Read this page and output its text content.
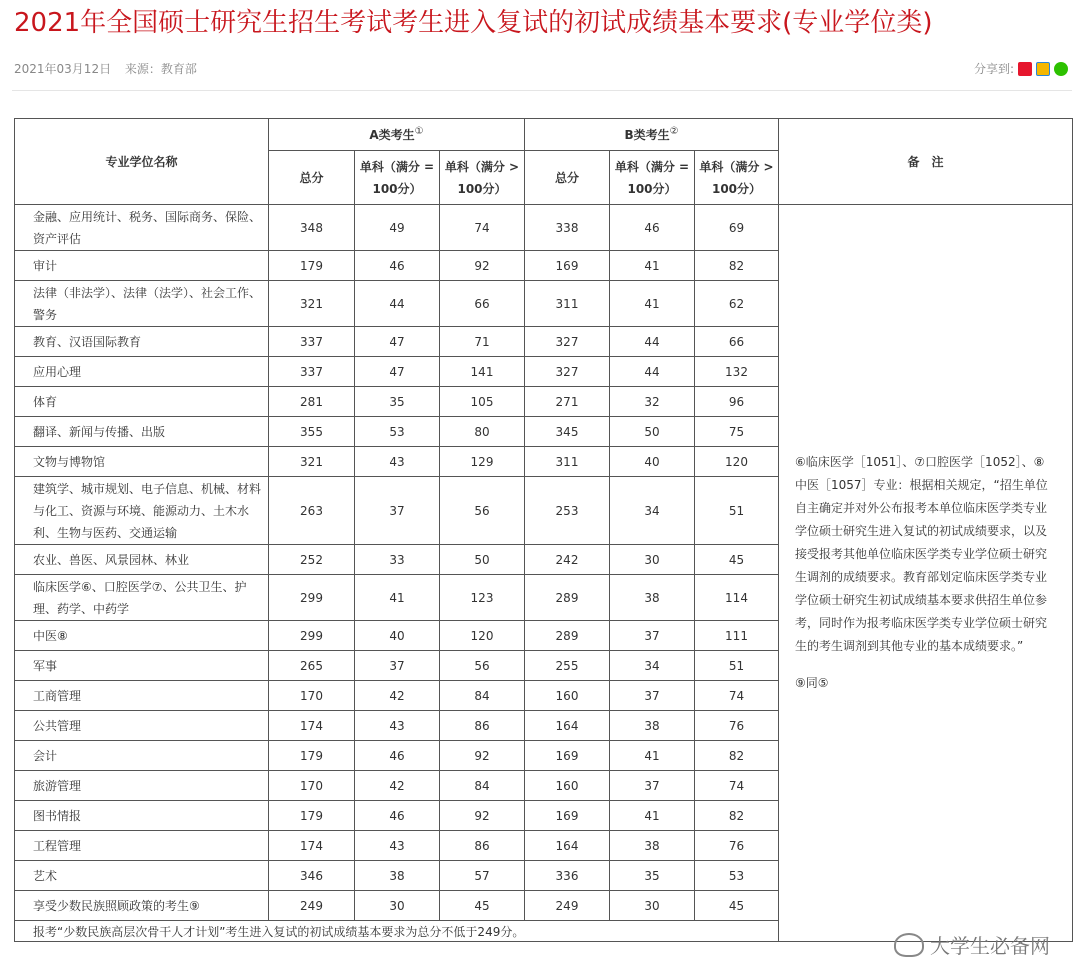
2021年全国硕士研究生招生考试考生进入复试的初试成绩基本要求(专业学位类)
2021年03月12日 来源：教育部	分享到:
专业学位名称	A类考生①			B类考生②			备　注
	总分	单科（满分 = 100分）	单科（满分 > 100分）	总分	单科（满分 = 100分）	单科（满分 > 100分）	
金融、应用统计、税务、国际商务、保险、资产评估	348	49	74	338	46	69	⑥临床医学［1051］、⑦口腔医学［1052］、⑧中医［1057］专业：根据相关规定，“招生单位自主确定并对外公布报考本单位临床医学类专业学位硕士研究生进入复试的初试成绩要求，以及接受报考其他单位临床医学类专业学位硕士研究生调剂的成绩要求。教育部划定临床医学类专业学位硕士研究生初试成绩基本要求供招生单位参考，同时作为报考临床医学类专业学位硕士研究生的考生调剂到其他专业的基本成绩要求。”
⑨同⑤

审计	179	46	92	169	41	82	
法律（非法学）、法律（法学）、社会工作、警务	321	44	66	311	41	62	
教育、汉语国际教育	337	47	71	327	44	66	
应用心理	337	47	141	327	44	132	
体育	281	35	105	271	32	96	
翻译、新闻与传播、出版	355	53	80	345	50	75	
文物与博物馆	321	43	129	311	40	120	
建筑学、城市规划、电子信息、机械、材料与化工、资源与环境、能源动力、土木水利、生物与医药、交通运输	263	37	56	253	34	51	
农业、兽医、风景园林、林业	252	33	50	242	30	45	
临床医学⑥、口腔医学⑦、公共卫生、护理、药学、中药学	299	41	123	289	38	114	
中医⑧	299	40	120	289	37	111	
军事	265	37	56	255	34	51	
工商管理	170	42	84	160	37	74	
公共管理	174	43	86	164	38	76	
会计	179	46	92	169	41	82	
旅游管理	170	42	84	160	37	74	
图书情报	179	46	92	169	41	82	
工程管理	174	43	86	164	38	76	
艺术	346	38	57	336	35	53	
享受少数民族照顾政策的考生⑨	249	30	45	249	30	45	
报考“少数民族高层次骨干人才计划”考生进入复试的初试成绩基本要求为总分不低于249分。							
大学生必备网
